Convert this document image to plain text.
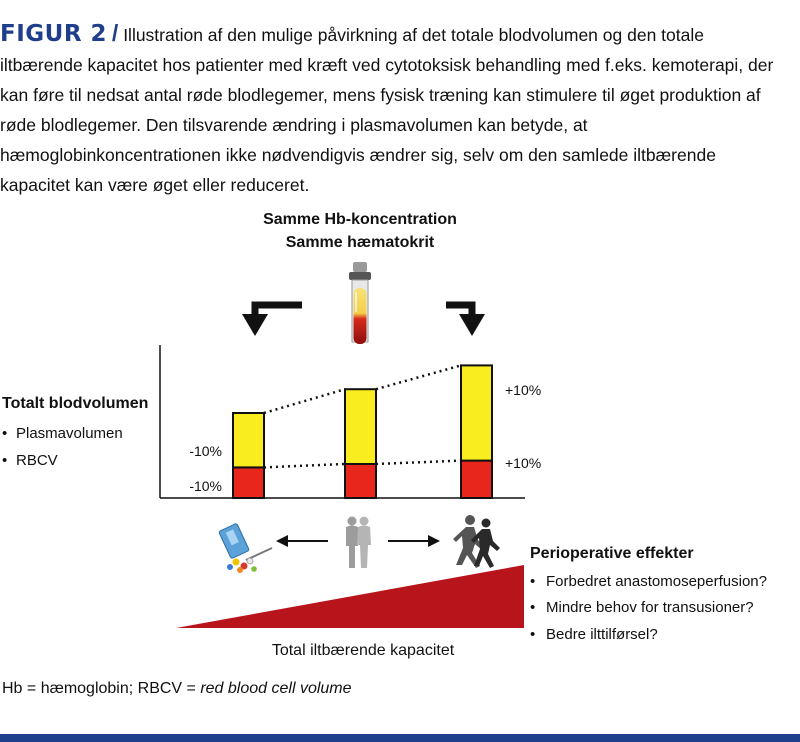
FIGUR 2 / Illustration af den mulige påvirkning af det totale blodvolumen og den totale iltbærende kapacitet hos patienter med kræft ved cytotoksisk behandling med f.eks. kemoterapi, der kan føre til nedsat antal røde blodlegemer, mens fysisk træning kan stimulere til øget produktion af røde blodlegemer. Den tilsvarende ændring i plasmavolumen kan betyde, at hæmoglobinkoncentrationen ikke nødvendigvis ændrer sig, selv om den samlede iltbærende kapacitet kan være øget eller reduceret.
Samme Hb-koncentration
Samme hæmatokrit
-10%
-10%
+10%
+10%
Totalt blodvolumen
• Plasmavolumen
• RBCV
Total iltbærende kapacitet
Perioperative effekter
• Forbedret anastomoseperfusion?
• Mindre behov for transusioner?
• Bedre ilttilførsel?
Hb = hæmoglobin; RBCV = red blood cell volume
